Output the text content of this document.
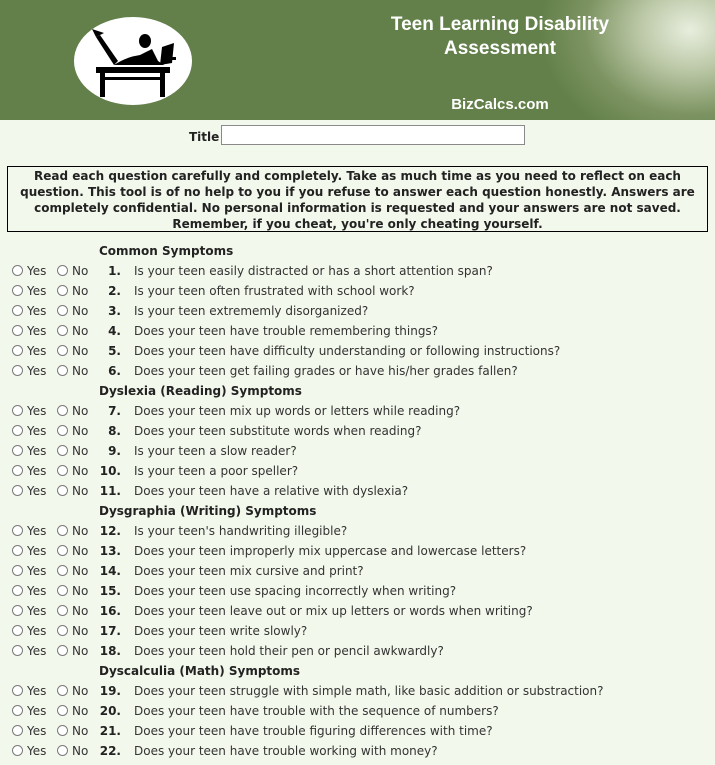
Teen Learning Disability Assessment
BizCalcs.com
Title
Read each question carefully and completely. Take as much time as you need to reflect on each question. This tool is of no help to you if you refuse to answer each question honestly. Answers are completely confidential. No personal information is requested and your answers are not saved. Remember, if you cheat, you're only cheating yourself.
Common Symptoms
Yes No	1. Is your teen easily distracted or has a short attention span?
Yes No	2. Is your teen often frustrated with school work?
Yes No	3. Is your teen extrememly disorganized?
Yes No	4. Does your teen have trouble remembering things?
Yes No	5. Does your teen have difficulty understanding or following instructions?
Yes No	6. Does your teen get failing grades or have his/her grades fallen?
Dyslexia (Reading) Symptoms
Yes No	7. Does your teen mix up words or letters while reading?
Yes No	8. Does your teen substitute words when reading?
Yes No	9. Is your teen a slow reader?
Yes No 10. Is your teen a poor speller?
Yes No 11. Does your teen have a relative with dyslexia?
Dysgraphia (Writing) Symptoms
Yes No 12. Is your teen's handwriting illegible?
Yes No 13. Does your teen improperly mix uppercase and lowercase letters?
Yes No 14. Does your teen mix cursive and print?
Yes No 15. Does your teen use spacing incorrectly when writing?
Yes No 16. Does your teen leave out or mix up letters or words when writing?
Yes No 17. Does your teen write slowly?
Yes No 18. Does your teen hold their pen or pencil awkwardly?
Dyscalculia (Math) Symptoms
Yes No 19. Does your teen struggle with simple math, like basic addition or substraction?
Yes No 20. Does your teen have trouble with the sequence of numbers?
Yes No 21. Does your teen have trouble figuring differences with time?
Yes No 22. Does your teen have trouble working with money?
